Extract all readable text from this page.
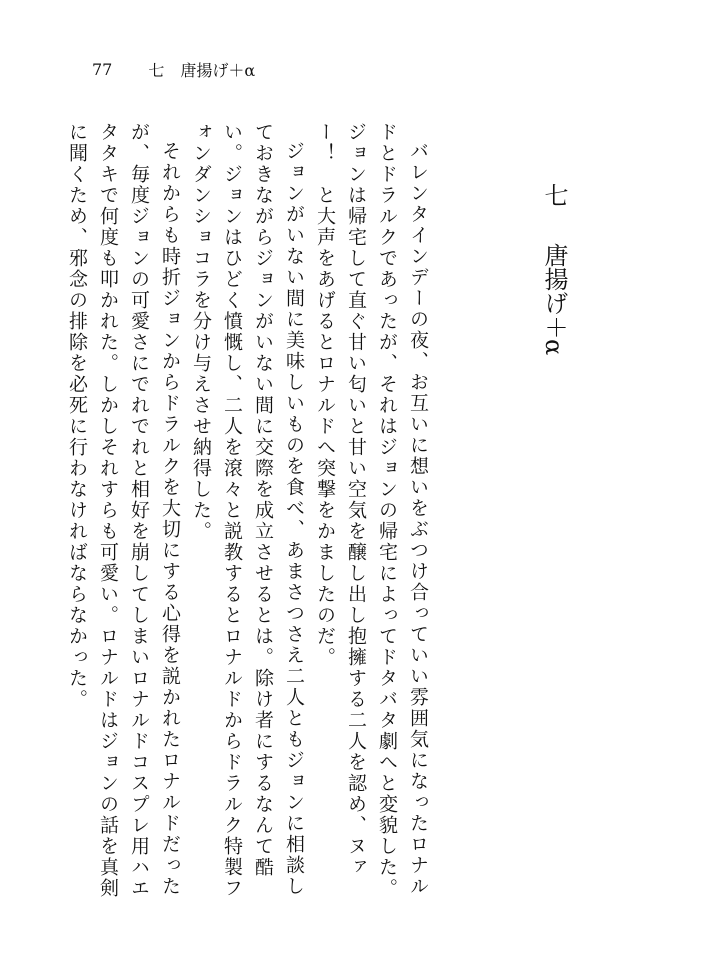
77 七　唐揚げ＋α
七唐揚げ＋α

バレンタインデーの夜、お互いに想いをぶつけ合っていい雰囲気になったロナルドとドラルクであったが、それはジョンの帰宅によってドタバタ劇へと変貌した。ジョンは帰宅して直ぐ甘い匂いと甘い空気を醸し出し抱擁する二人を認め、ヌァー！　と大声をあげるとロナルドへ突撃をかましたのだ。

ジョンがいない間に美味しいものを食べ、あまさつさえ二人ともジョンに相談しておきながらジョンがいない間に交際を成立させるとは。除け者にするなんて酷い。ジョンはひどく憤慨し、二人を滾々と説教するとロナルドからドラルク特製フォンダンショコラを分け与えさせ納得した。

それからも時折ジョンからドラルクを大切にする心得を説かれたロナルドだったが、毎度ジョンの可愛さにでれでれと相好を崩してしまいロナルドコスプレ用ハエタタキで何度も叩かれた。しかしそれすらも可愛い。ロナルドはジョンの話を真剣に聞くため、邪念の排除を必死に行わなければならなかった。
